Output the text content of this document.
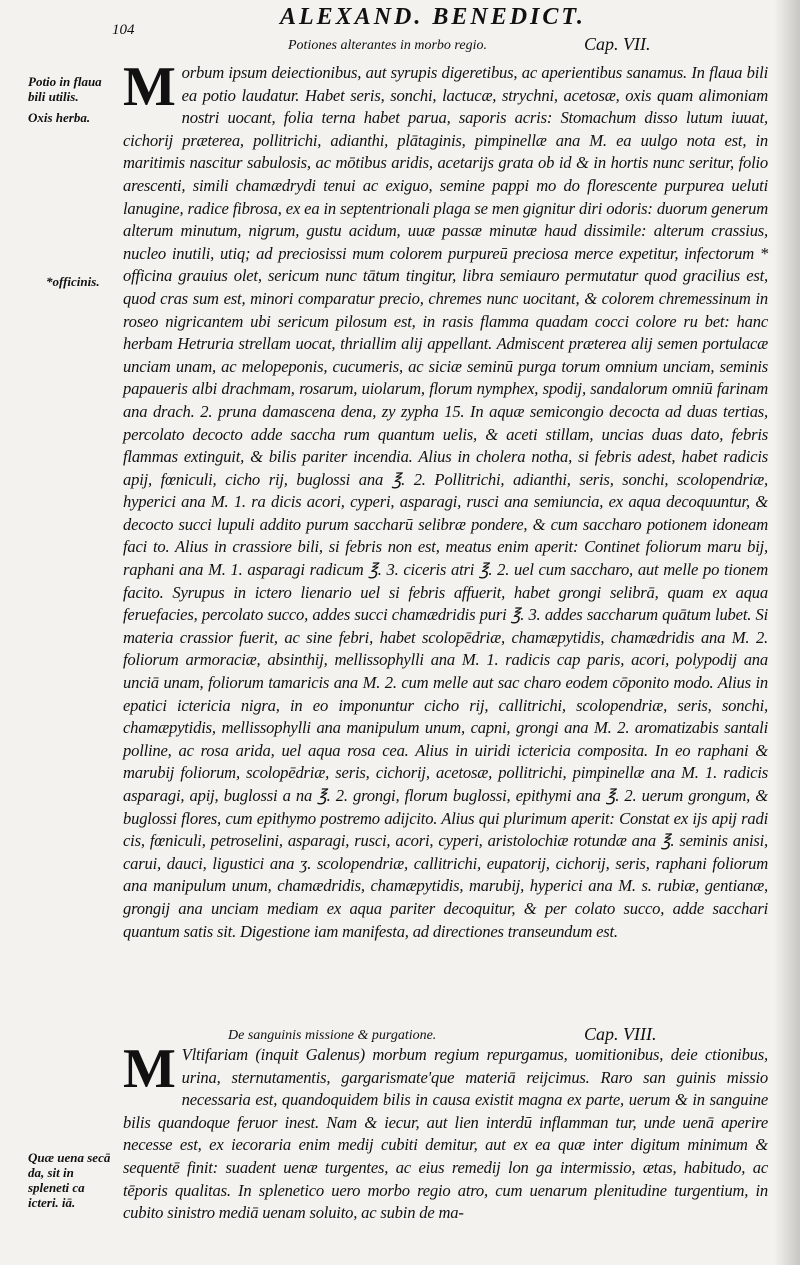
104	ALEXAND. BENEDICT.
Potiones alterantes in morbo regio.	Cap. VII.
Potio in flaua bili utilis.
Oxis herba.
*officinis.
M orbum ipsum deiectionibus, aut syrupis digeretibus, ac aperientibus sanamus. In flaua bili ea potio laudatur. Habet seris, sonchi, lactucæ, strychni, acetosæ, oxis quam alimoniam nostri uocant, folia terna habet parua, saporis acris: Stomachum disso lutum iuuat, cichorij præterea, pollitrichi, adianthi, plātaginis, pimpinellæ ana M. ea uulgo nota est, in maritimis nascitur sabulosis, ac mōtibus aridis, acetarijs grata ob id & in hortis nunc seritur, folio arescenti, simili chamædrydi tenui ac exiguo, semine pappi mo do florescente purpurea ueluti lanugine, radice fibrosa, ex ea in septentrionali plaga se men gignitur diri odoris: duorum generum alterum minutum, nigrum, gustu acidum, uuæ passæ minutæ haud dissimile: alterum crassius, nucleo inutili, utiq; ad preciosissi mum colorem purpureū preciosa merce expetitur, infectorum * officina grauius olet, sericum nunc tātum tingitur, libra semiauro permutatur quod gracilius est, quod cras sum est, minori comparatur precio, chremes nunc uocitant, & colorem chremessinum in roseo nigricantem ubi sericum pilosum est, in rasis flamma quadam cocci colore ru bet: hanc herbam Hetruria strellam uocat, thriallim alij appellant. Admiscent præterea alij semen portulacæ unciam unam, ac melopeponis, cucumeris, ac siciæ seminū purga torum omnium unciam, seminis papaueris albi drachmam, rosarum, uiolarum, florum nymphex, spodij, sandalorum omniū farinam ana drach. 2. pruna damascena dena, zy zypha 15. In aquæ semicongio decocta ad duas tertias, percolato decocto adde saccha rum quantum uelis, & aceti stillam, uncias duas dato, febris flammas extinguit, & bilis pariter incendia. Alius in cholera notha, si febris adest, habet radicis apij, fœniculi, cicho rij, buglossi ana ℥. 2. Pollitrichi, adianthi, seris, sonchi, scolopendriæ, hyperici ana M. 1. ra dicis acori, cyperi, asparagi, rusci ana semiuncia, ex aqua decoquuntur, & decocto succi lupuli addito purum saccharū selibræ pondere, & cum saccharo potionem idoneam faci to. Alius in crassiore bili, si febris non est, meatus enim aperit: Continet foliorum maru bij, raphani ana M. 1. asparagi radicum ℥. 3. ciceris atri ℥. 2. uel cum saccharo, aut melle po tionem facito. Syrupus in ictero lienario uel si febris affuerit, habet grongi selibrā, quam ex aqua feruefacies, percolato succo, addes succi chamædridis puri ℥. 3. addes saccharum quātum lubet. Si materia crassior fuerit, ac sine febri, habet scolopēdriæ, chamæpytidis, chamædridis ana M. 2. foliorum armoraciæ, absinthij, mellissophylli ana M. 1. radicis cap paris, acori, polypodij ana unciā unam, foliorum tamaricis ana M. 2. cum melle aut sac charo eodem cōponito modo. Alius in epatici ictericia nigra, in eo imponuntur cicho rij, callitrichi, scolopendriæ, seris, sonchi, chamæpytidis, mellissophylli ana manipulum unum, capni, grongi ana M. 2. aromatizabis santali polline, ac rosa arida, uel aqua rosa cea. Alius in uiridi ictericia composita. In eo raphani & marubij foliorum, scolopēdriæ, seris, cichorij, acetosæ, pollitrichi, pimpinellæ ana M. 1. radicis asparagi, apij, buglossi a na ℥. 2. grongi, florum buglossi, epithymi ana ℥. 2. uerum grongum, & buglossi flores, cum epithymo postremo adijcito. Alius qui plurimum aperit: Constat ex ijs apij radi cis, fœniculi, petroselini, asparagi, rusci, acori, cyperi, aristolochiæ rotundæ ana ℥. seminis anisi, carui, dauci, ligustici ana ʒ. scolopendriæ, callitrichi, eupatorij, cichorij, seris, raphani foliorum ana manipulum unum, chamædridis, chamæpytidis, marubij, hyperici ana M. s. rubiæ, gentianæ, grongij ana unciam mediam ex aqua pariter decoquitur, & per colato succo, adde sacchari quantum satis sit. Digestione iam manifesta, ad directiones transeundum est.
De sanguinis missione & purgatione.	Cap. VIII.
Quæ uena secā da, sit in spleneti ca icteri. iā.
M Vltifariam (inquit Galenus) morbum regium repurgamus, uomitionibus, deie ctionibus, urina, sternutamentis, gargarismate'que materiā reijcimus. Raro san guinis missio necessaria est, quandoquidem bilis in causa existit magna ex parte, uerum & in sanguine bilis quandoque feruor inest. Nam & iecur, aut lien interdū inflamman tur, unde uenā aperire necesse est, ex iecoraria enim medij cubiti demitur, aut ex ea quæ inter digitum minimum & sequentē finit: suadent uenæ turgentes, ac eius remedij lon ga intermissio, ætas, habitudo, ac tēporis qualitas. In splenetico uero morbo regio atro, cum uenarum plenitudine turgentium, in cubito sinistro mediā uenam soluito, ac subin de ma-
